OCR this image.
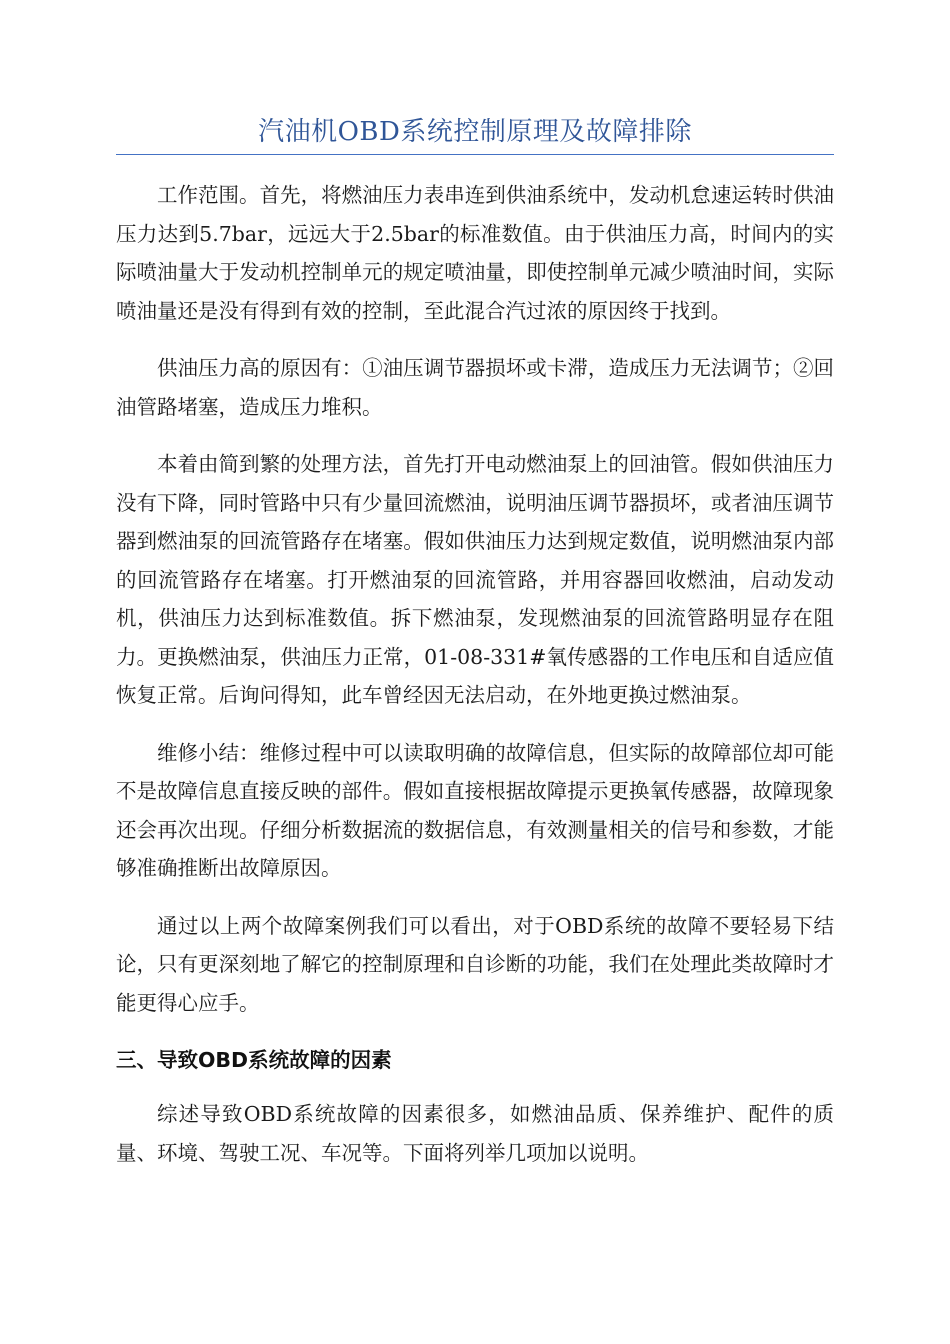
汽油机OBD系统控制原理及故障排除

工作范围。首先，将燃油压力表串连到供油系统中，发动机怠速运转时供油压力达到5.7bar，远远大于2.5bar的标准数值。由于供油压力高，时间内的实际喷油量大于发动机控制单元的规定喷油量，即使控制单元减少喷油时间，实际喷油量还是没有得到有效的控制，至此混合汽过浓的原因终于找到。

供油压力高的原因有：①油压调节器损坏或卡滞，造成压力无法调节；②回油管路堵塞，造成压力堆积。

本着由简到繁的处理方法，首先打开电动燃油泵上的回油管。假如供油压力没有下降，同时管路中只有少量回流燃油，说明油压调节器损坏，或者油压调节器到燃油泵的回流管路存在堵塞。假如供油压力达到规定数值，说明燃油泵内部的回流管路存在堵塞。打开燃油泵的回流管路，并用容器回收燃油，启动发动机，供油压力达到标准数值。拆下燃油泵，发现燃油泵的回流管路明显存在阻力。更换燃油泵，供油压力正常，01-08-331#氧传感器的工作电压和自适应值恢复正常。后询问得知，此车曾经因无法启动，在外地更换过燃油泵。

维修小结：维修过程中可以读取明确的故障信息，但实际的故障部位却可能不是故障信息直接反映的部件。假如直接根据故障提示更换氧传感器，故障现象还会再次出现。仔细分析数据流的数据信息，有效测量相关的信号和参数，才能够准确推断出故障原因。

通过以上两个故障案例我们可以看出，对于OBD系统的故障不要轻易下结论，只有更深刻地了解它的控制原理和自诊断的功能，我们在处理此类故障时才能更得心应手。

三、导致OBD系统故障的因素

综述导致OBD系统故障的因素很多，如燃油品质、保养维护、配件的质量、环境、驾驶工况、车况等。下面将列举几项加以说明。
